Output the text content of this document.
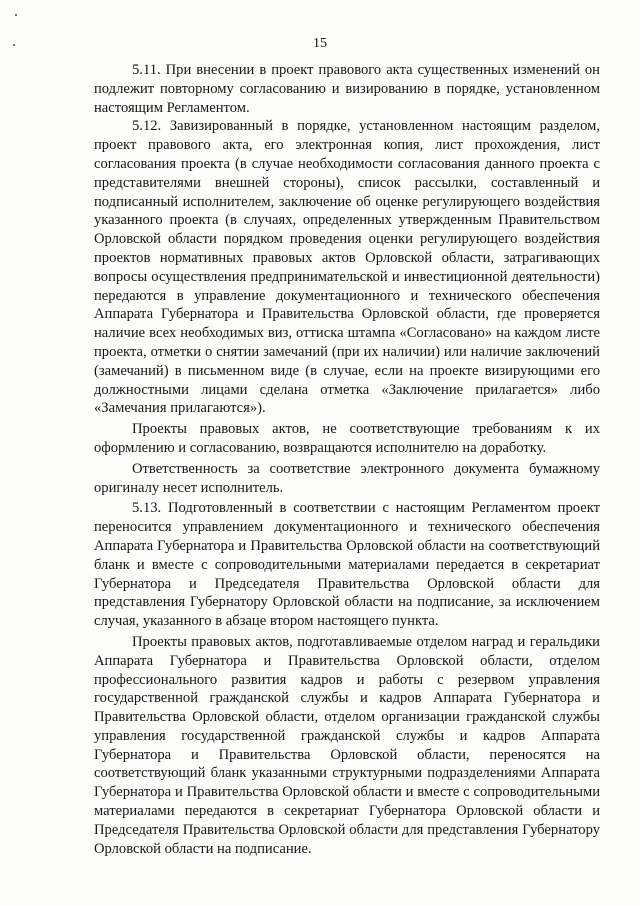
15

5.11. При внесении в проект правового акта существенных изменений он подлежит повторному согласованию и визированию в порядке, установленном настоящим Регламентом.

5.12. Завизированный в порядке, установленном настоящим разделом, проект правового акта, его электронная копия, лист прохождения, лист согласования проекта (в случае необходимости согласования данного проекта с представителями внешней стороны), список рассылки, составленный и подписанный исполнителем, заключение об оценке регулирующего воздействия указанного проекта (в случаях, определенных утвержденным Правительством Орловской области порядком проведения оценки регулирующего воздействия проектов нормативных правовых актов Орловской области, затрагивающих вопросы осуществления предпринимательской и инвестиционной деятельности) передаются в управление документационного и технического обеспечения Аппарата Губернатора и Правительства Орловской области, где проверяется наличие всех необходимых виз, оттиска штампа «Согласовано» на каждом листе проекта, отметки о снятии замечаний (при их наличии) или наличие заключений (замечаний) в письменном виде (в случае, если на проекте визирующими его должностными лицами сделана отметка «Заключение прилагается» либо «Замечания прилагаются»).

Проекты правовых актов, не соответствующие требованиям к их оформлению и согласованию, возвращаются исполнителю на доработку.

Ответственность за соответствие электронного документа бумажному оригиналу несет исполнитель.

5.13. Подготовленный в соответствии с настоящим Регламентом проект переносится управлением документационного и технического обеспечения Аппарата Губернатора и Правительства Орловской области на соответствующий бланк и вместе с сопроводительными материалами передается в секретариат Губернатора и Председателя Правительства Орловской области для представления Губернатору Орловской области на подписание, за исключением случая, указанного в абзаце втором настоящего пункта.

Проекты правовых актов, подготавливаемые отделом наград и геральдики Аппарата Губернатора и Правительства Орловской области, отделом профессионального развития кадров и работы с резервом управления государственной гражданской службы и кадров Аппарата Губернатора и Правительства Орловской области, отделом организации гражданской службы управления государственной гражданской службы и кадров Аппарата Губернатора и Правительства Орловской области, переносятся на соответствующий бланк указанными структурными подразделениями Аппарата Губернатора и Правительства Орловской области и вместе с сопроводительными материалами передаются в секретариат Губернатора Орловской области и Председателя Правительства Орловской области для представления Губернатору Орловской области на подписание.
